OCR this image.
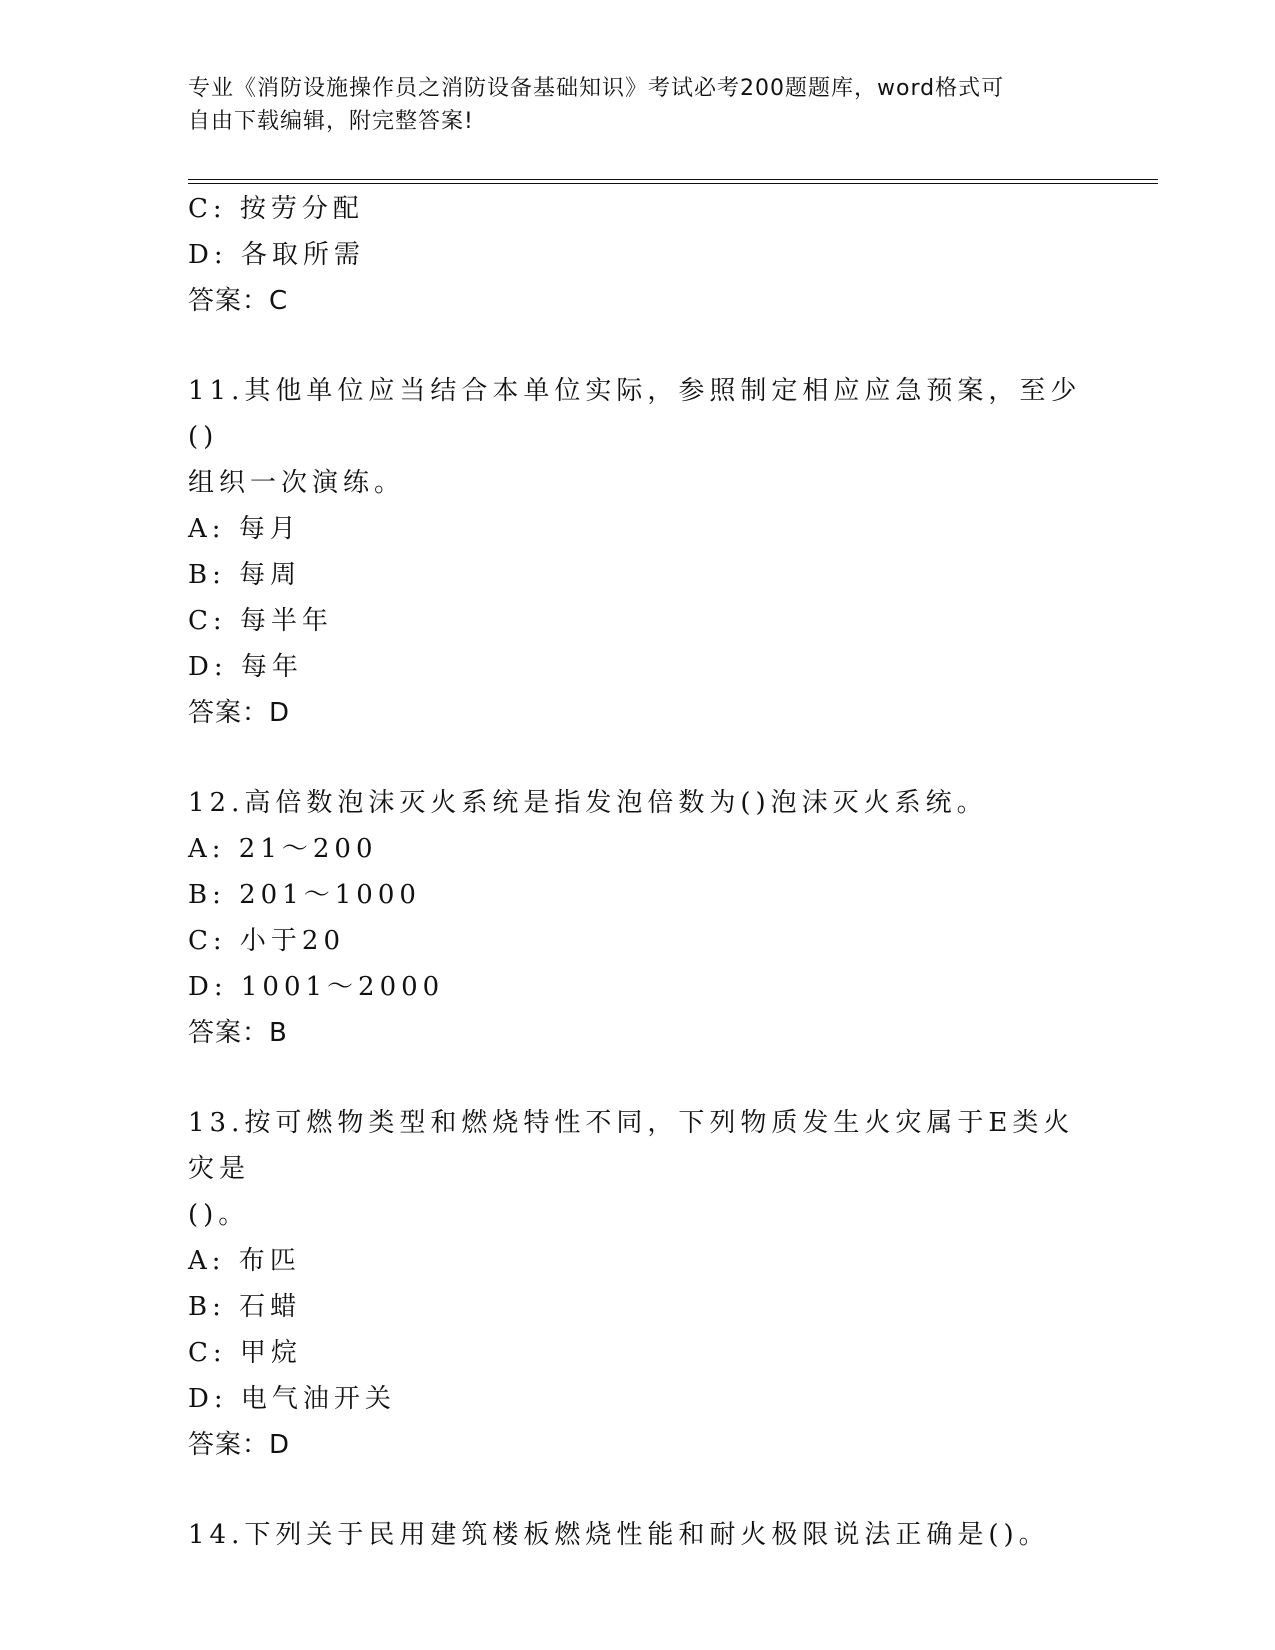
专业《消防设施操作员之消防设备基础知识》考试必考200题题库，word格式可
自由下载编辑，附完整答案!
C: 按劳分配
D: 各取所需
答案：C
11.其他单位应当结合本单位实际，参照制定相应应急预案，至少()
组织一次演练。
A: 每月
B: 每周
C: 每半年
D: 每年
答案：D
12.高倍数泡沫灭火系统是指发泡倍数为()泡沫灭火系统。
A: 21～200
B: 201～1000
C: 小于20
D: 1001～2000
答案：B
13.按可燃物类型和燃烧特性不同，下列物质发生火灾属于E类火灾是
()。
A: 布匹
B: 石蜡
C: 甲烷
D: 电气油开关
答案：D
14.下列关于民用建筑楼板燃烧性能和耐火极限说法正确是()。
